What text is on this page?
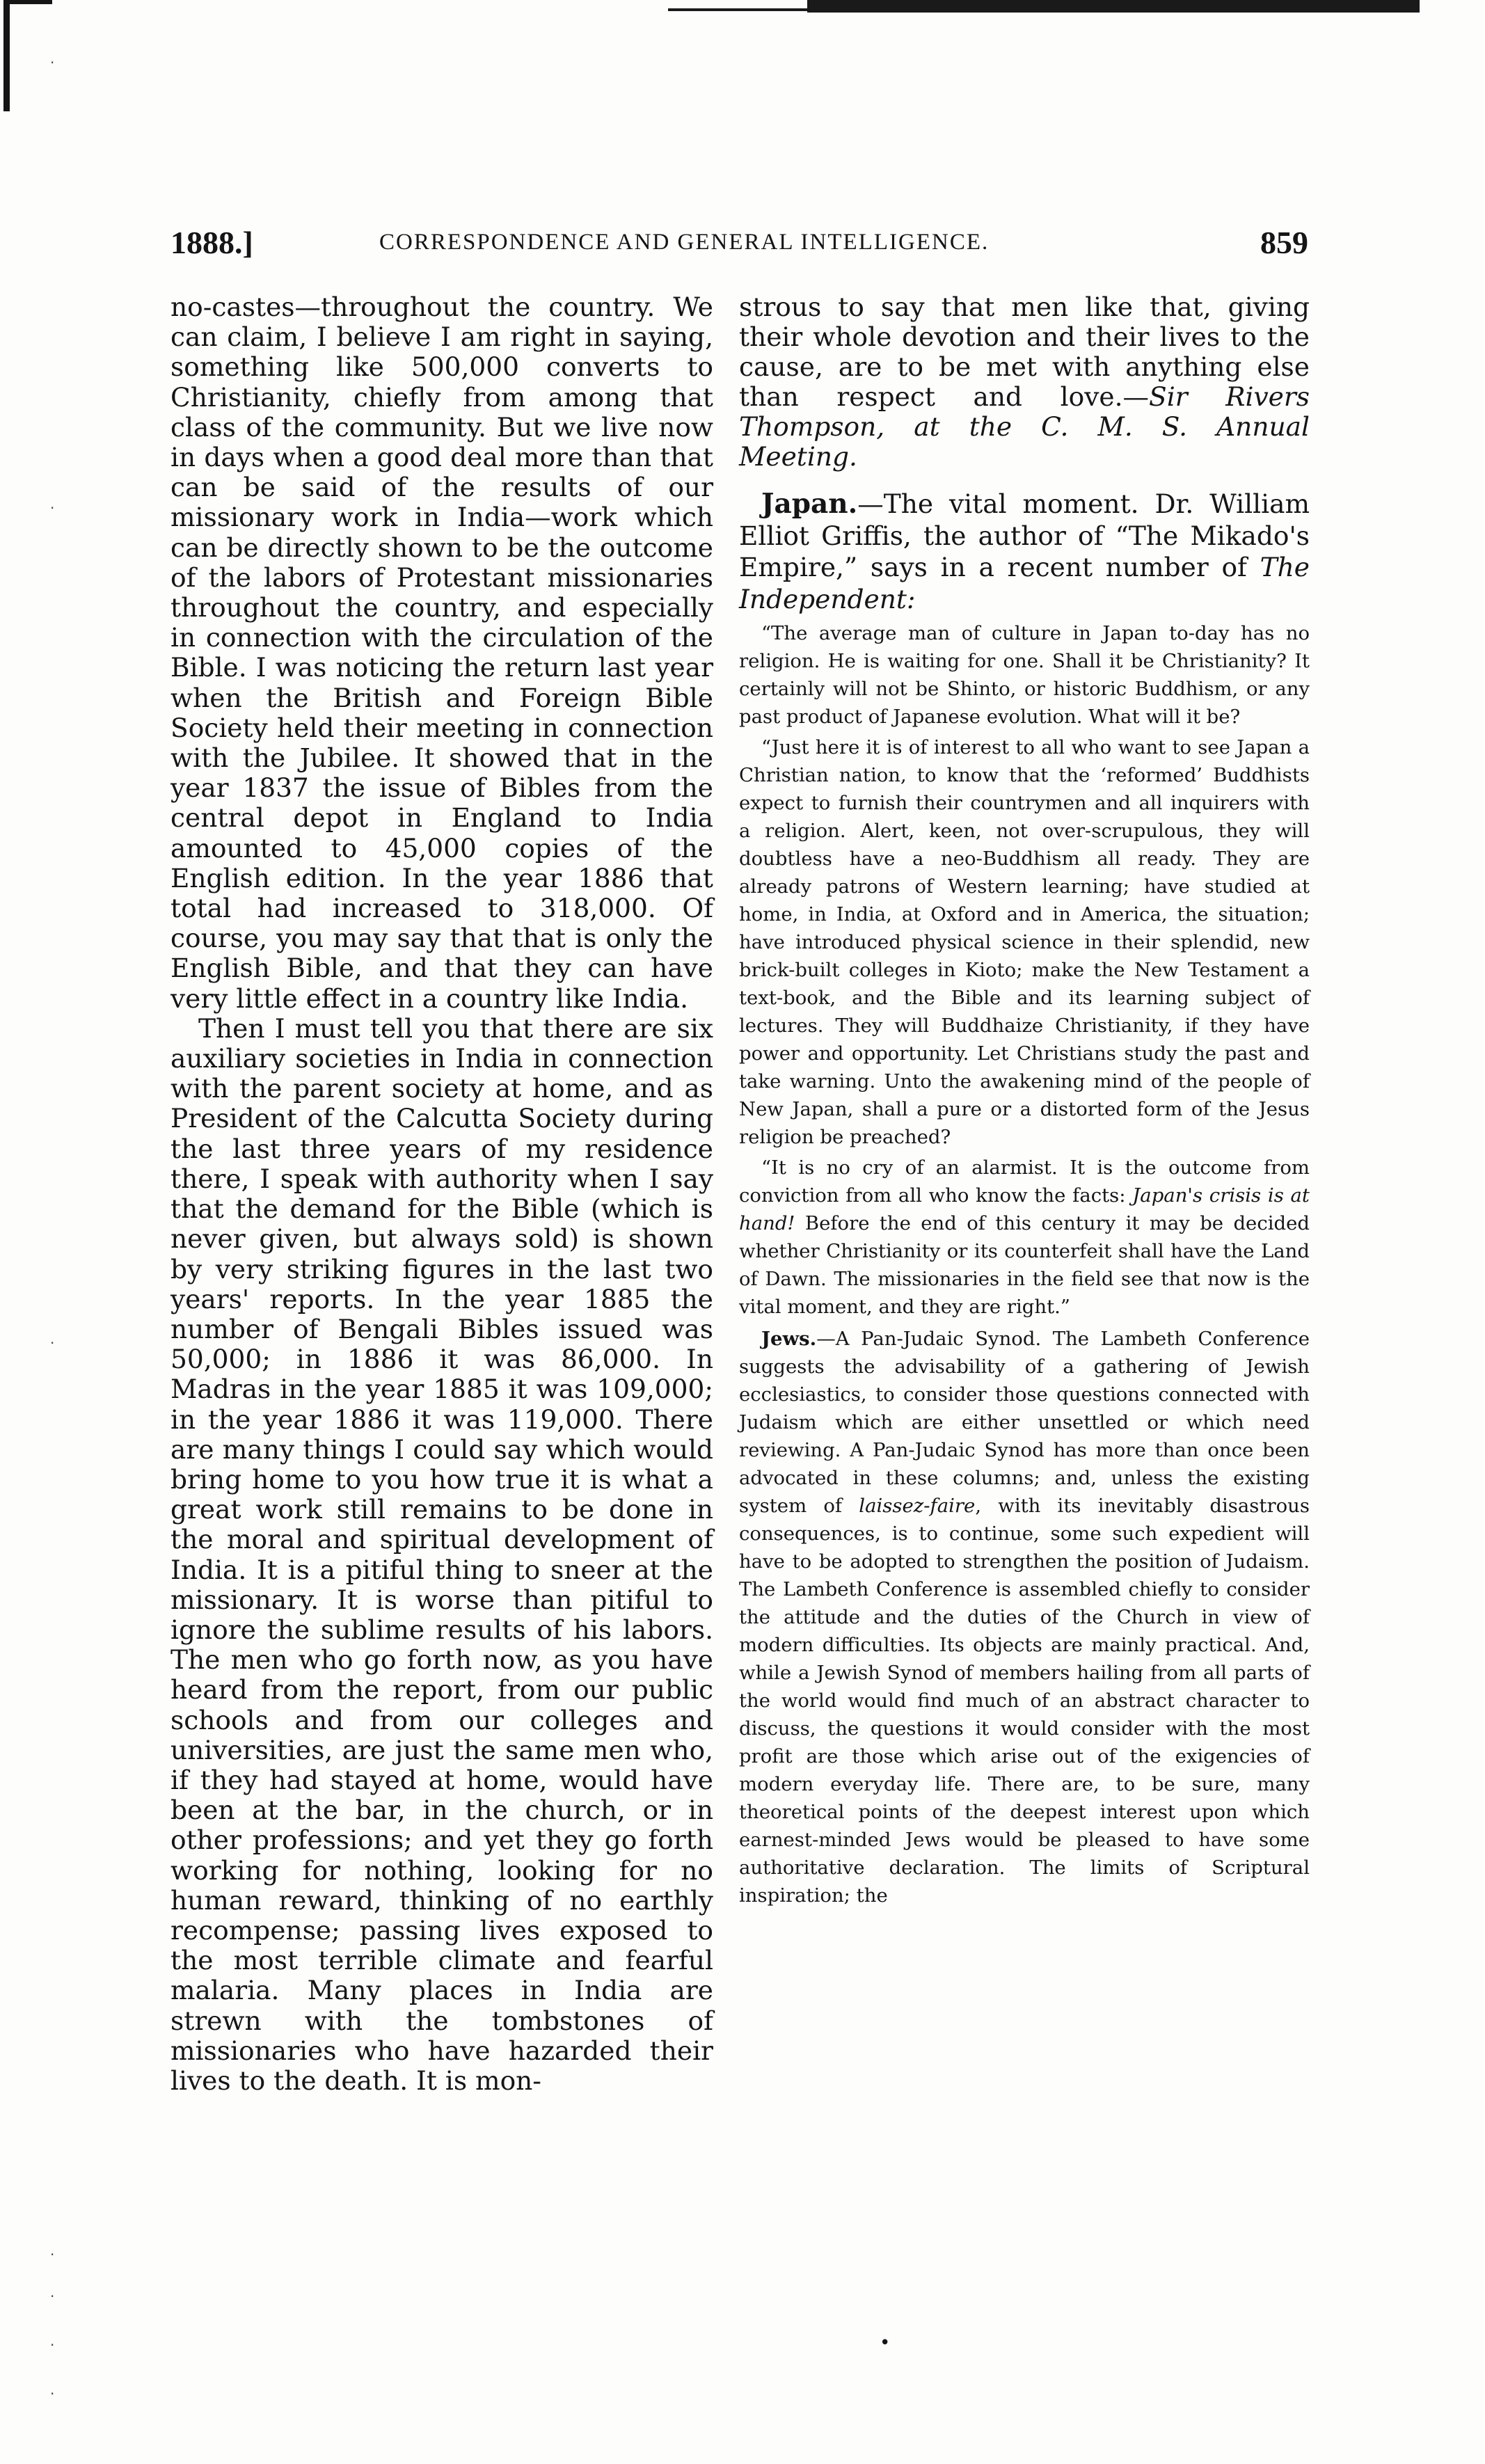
·
·
·
·
·
·
·
1888.]	CORRESPONDENCE AND GENERAL INTELLIGENCE.	859

no-castes—throughout the country. We can claim, I believe I am right in saying, something like 500,000 converts to Christianity, chiefly from among that class of the community. But we live now in days when a good deal more than that can be said of the results of our missionary work in India—work which can be directly shown to be the outcome of the labors of Protestant missionaries throughout the country, and especially in connection with the circulation of the Bible. I was noticing the return last year when the British and Foreign Bible Society held their meeting in connection with the Jubilee. It showed that in the year 1837 the issue of Bibles from the central depot in England to India amounted to 45,000 copies of the English edition. In the year 1886 that total had increased to 318,000. Of course, you may say that that is only the English Bible, and that they can have very little effect in a country like India.

Then I must tell you that there are six auxiliary societies in India in connection with the parent society at home, and as President of the Calcutta Society during the last three years of my residence there, I speak with authority when I say that the demand for the Bible (which is never given, but always sold) is shown by very striking figures in the last two years' reports. In the year 1885 the number of Bengali Bibles issued was 50,000; in 1886 it was 86,000. In Madras in the year 1885 it was 109,000; in the year 1886 it was 119,000. There are many things I could say which would bring home to you how true it is what a great work still remains to be done in the moral and spiritual development of India. It is a pitiful thing to sneer at the missionary. It is worse than pitiful to ignore the sublime results of his labors. The men who go forth now, as you have heard from the report, from our public schools and from our colleges and universities, are just the same men who, if they had stayed at home, would have been at the bar, in the church, or in other professions; and yet they go forth working for nothing, looking for no human reward, thinking of no earthly recompense; passing lives exposed to the most terrible climate and fearful malaria. Many places in India are strewn with the tombstones of missionaries who have hazarded their lives to the death. It is mon-

strous to say that men like that, giving their whole devotion and their lives to the cause, are to be met with anything else than respect and love.—Sir Rivers Thompson, at the C. M. S. Annual Meeting.

Japan.—The vital moment. Dr. William Elliot Griffis, the author of “The Mikado's Empire,” says in a recent number of The Independent:

“The average man of culture in Japan to-day has no religion. He is waiting for one. Shall it be Christianity? It certainly will not be Shinto, or historic Buddhism, or any past product of Japanese evolution. What will it be?

“Just here it is of interest to all who want to see Japan a Christian nation, to know that the ‘reformed’ Buddhists expect to furnish their countrymen and all inquirers with a religion. Alert, keen, not over-scrupulous, they will doubtless have a neo-Buddhism all ready. They are already patrons of Western learning; have studied at home, in India, at Oxford and in America, the situation; have introduced physical science in their splendid, new brick-built colleges in Kioto; make the New Testament a text-book, and the Bible and its learning subject of lectures. They will Buddhaize Christianity, if they have power and opportunity. Let Christians study the past and take warning. Unto the awakening mind of the people of New Japan, shall a pure or a distorted form of the Jesus religion be preached?

“It is no cry of an alarmist. It is the outcome from conviction from all who know the facts: Japan's crisis is at hand! Before the end of this century it may be decided whether Christianity or its counterfeit shall have the Land of Dawn. The missionaries in the field see that now is the vital moment, and they are right.”

Jews.—A Pan-Judaic Synod. The Lambeth Conference suggests the advisability of a gathering of Jewish ecclesiastics, to consider those questions connected with Judaism which are either unsettled or which need reviewing. A Pan-Judaic Synod has more than once been advocated in these columns; and, unless the existing system of laissez-faire, with its inevitably disastrous consequences, is to continue, some such expedient will have to be adopted to strengthen the position of Judaism. The Lambeth Conference is assembled chiefly to consider the attitude and the duties of the Church in view of modern difficulties. Its objects are mainly practical. And, while a Jewish Synod of members hailing from all parts of the world would find much of an abstract character to discuss, the questions it would consider with the most profit are those which arise out of the exigencies of modern everyday life. There are, to be sure, many theoretical points of the deepest interest upon which earnest-minded Jews would be pleased to have some authoritative declaration. The limits of Scriptural inspiration; the

•
